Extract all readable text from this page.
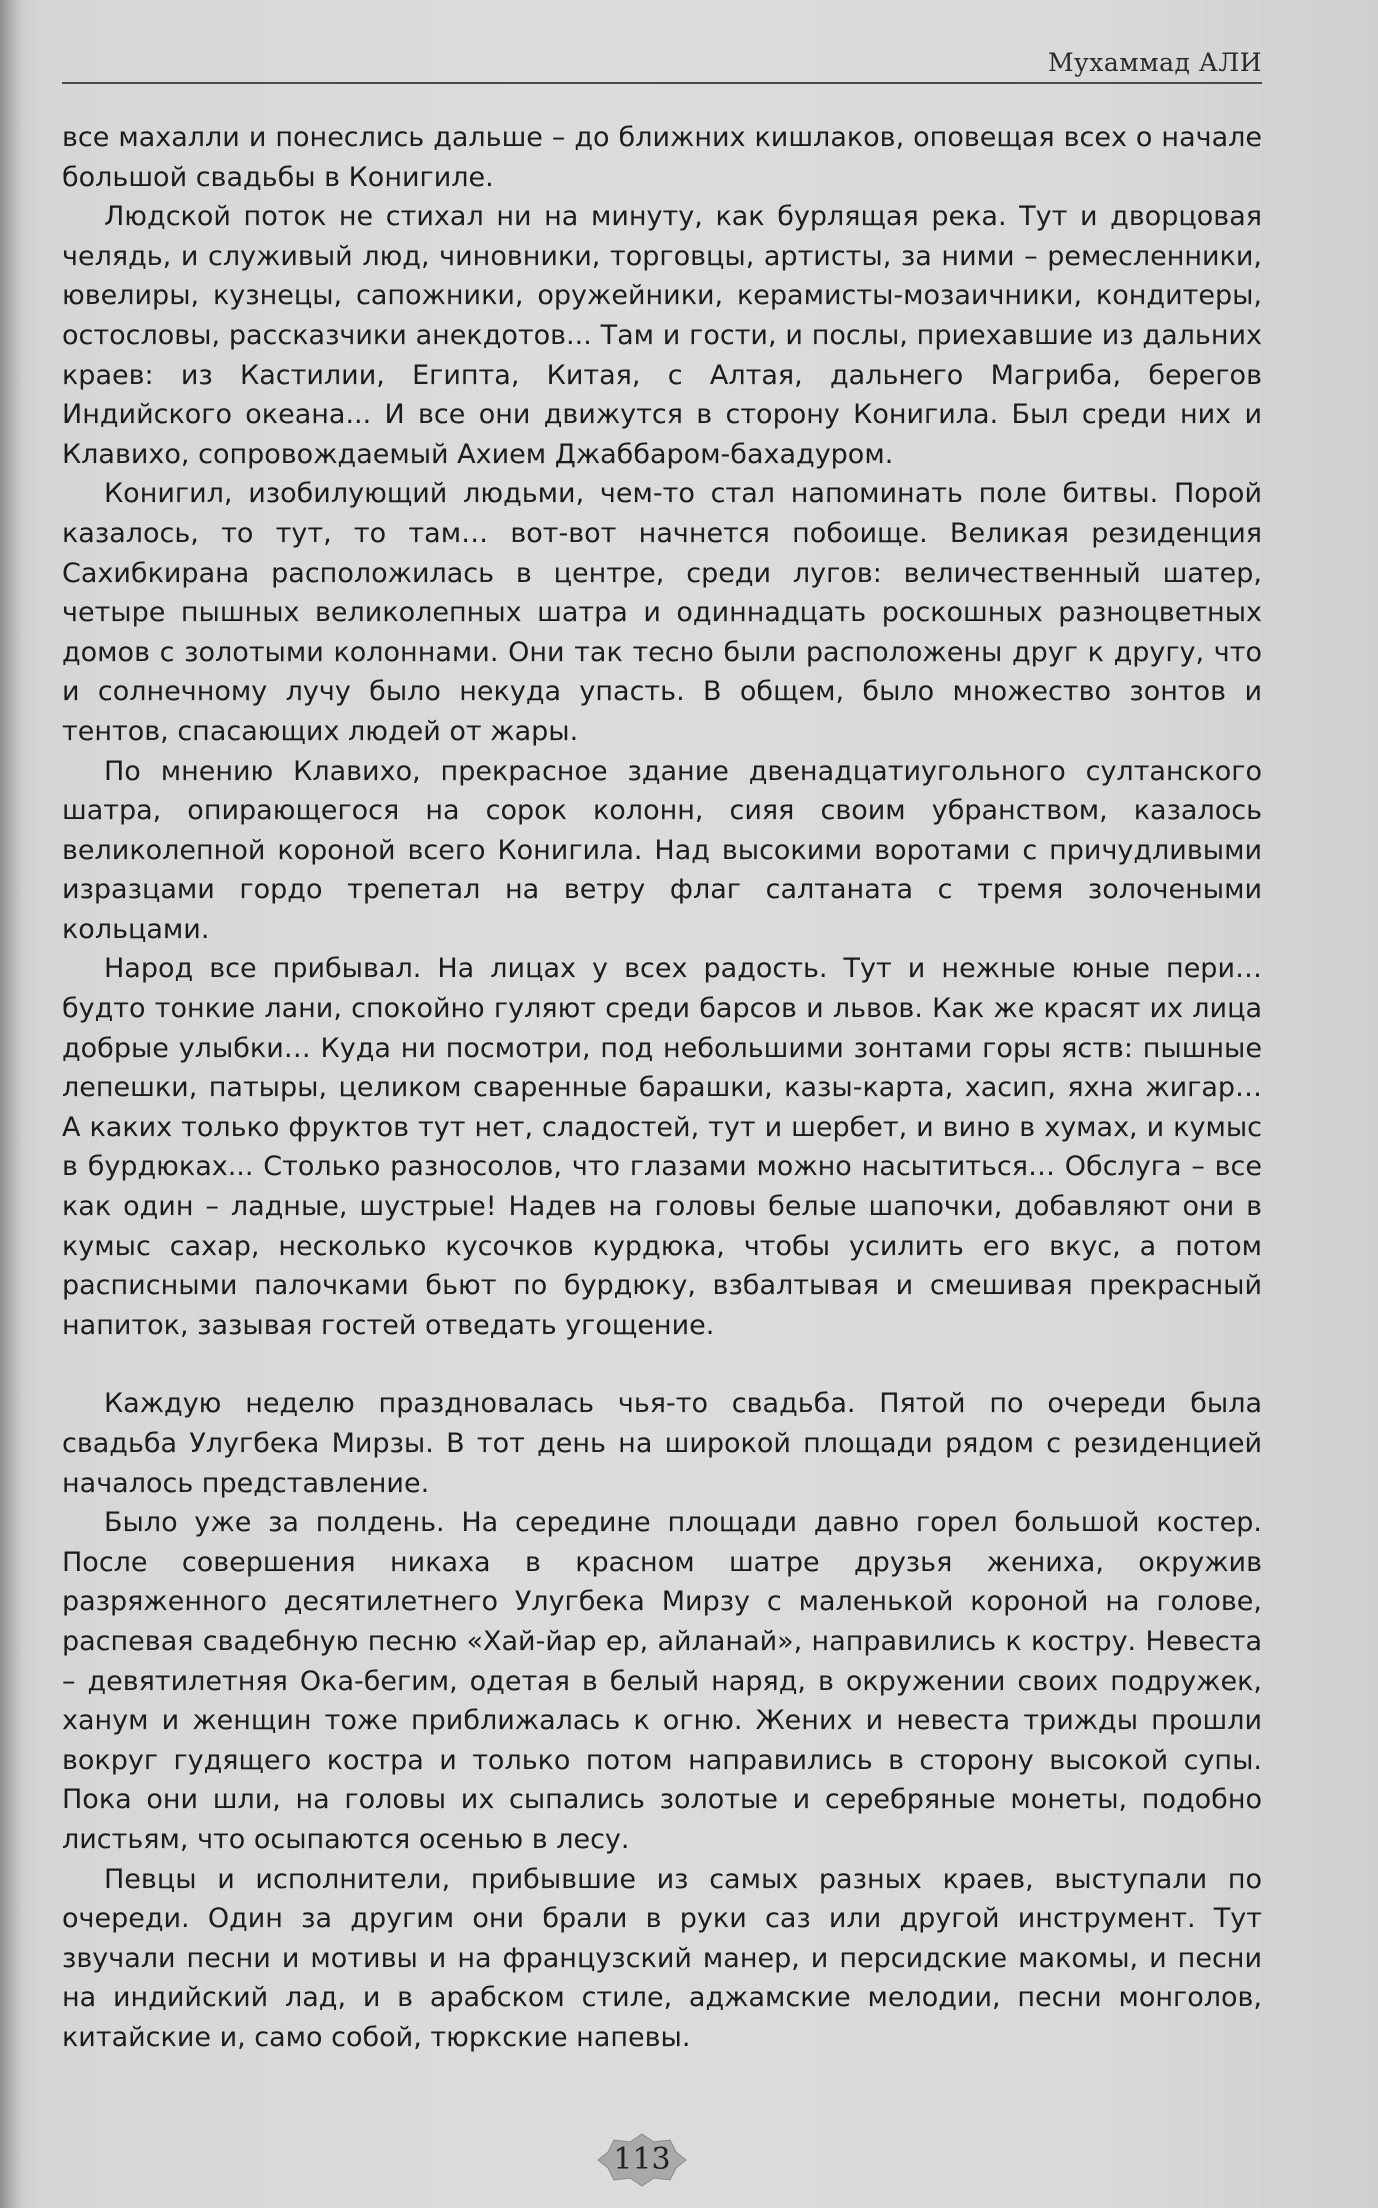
Мухаммад АЛИ

все махалли и понеслись дальше – до ближних кишлаков, оповещая всех о начале большой свадьбы в Конигиле.

Людской поток не стихал ни на минуту, как бурлящая река. Тут и дворцовая челядь, и служивый люд, чиновники, торговцы, артисты, за ними – ремесленники, ювелиры, кузнецы, сапожники, оружейники, керамисты-мозаичники, кондитеры, остословы, рассказчики анекдотов... Там и гости, и послы, приехавшие из дальних краев: из Кастилии, Египта, Китая, с Алтая, дальнего Магриба, берегов Индийского океана... И все они движутся в сторону Конигила. Был среди них и Клавихо, сопровождаемый Ахием Джаббаром-бахадуром.

Конигил, изобилующий людьми, чем-то стал напоминать поле битвы. Порой казалось, то тут, то там… вот-вот начнется побоище. Великая резиденция Сахибкирана расположилась в центре, среди лугов: величественный шатер, четыре пышных великолепных шатра и одиннадцать роскошных разноцветных домов с золотыми колоннами. Они так тесно были расположены друг к другу, что и солнечному лучу было некуда упасть. В общем, было множество зонтов и тентов, спасающих людей от жары.

По мнению Клавихо, прекрасное здание двенадцатиугольного султанского шатра, опирающегося на сорок колонн, сияя своим убранством, казалось великолепной короной всего Конигила. Над высокими воротами с причудливыми изразцами гордо трепетал на ветру флаг салтаната с тремя золочеными кольцами.

Народ все прибывал. На лицах у всех радость. Тут и нежные юные пери… будто тонкие лани, спокойно гуляют среди барсов и львов. Как же красят их лица добрые улыбки… Куда ни посмотри, под небольшими зонтами горы яств: пышные лепешки, патыры, целиком сваренные барашки, казы-карта, хасип, яхна жигар… А каких только фруктов тут нет, сладостей, тут и шербет, и вино в хумах, и кумыс в бурдюках... Столько разносолов, что глазами можно насытиться… Обслуга – все как один – ладные, шустрые! Надев на головы белые шапочки, добавляют они в кумыс сахар, несколько кусочков курдюка, чтобы усилить его вкус, а потом расписными палочками бьют по бурдюку, взбалтывая и смешивая прекрасный напиток, зазывая гостей отведать угощение.

Каждую неделю праздновалась чья-то свадьба. Пятой по очереди была свадьба Улугбека Мирзы. В тот день на широкой площади рядом с резиденцией началось представление.

Было уже за полдень. На середине площади давно горел большой костер. После совершения никаха в красном шатре друзья жениха, окружив разряженного десятилетнего Улугбека Мирзу с маленькой короной на голове, распевая свадебную песню «Хай-йар ер, айланай», направились к костру. Невеста – девятилетняя Ока-бегим, одетая в белый наряд, в окружении своих подружек, ханум и женщин тоже приближалась к огню. Жених и невеста трижды прошли вокруг гудящего костра и только потом направились в сторону высокой супы. Пока они шли, на головы их сыпались золотые и серебряные монеты, подобно листьям, что осыпаются осенью в лесу.

Певцы и исполнители, прибывшие из самых разных краев, выступали по очереди. Один за другим они брали в руки саз или другой инструмент. Тут звучали песни и мотивы и на французский манер, и персидские макомы, и песни на индийский лад, и в арабском стиле, аджамские мелодии, песни монголов, китайские и, само собой, тюркские напевы.

113
